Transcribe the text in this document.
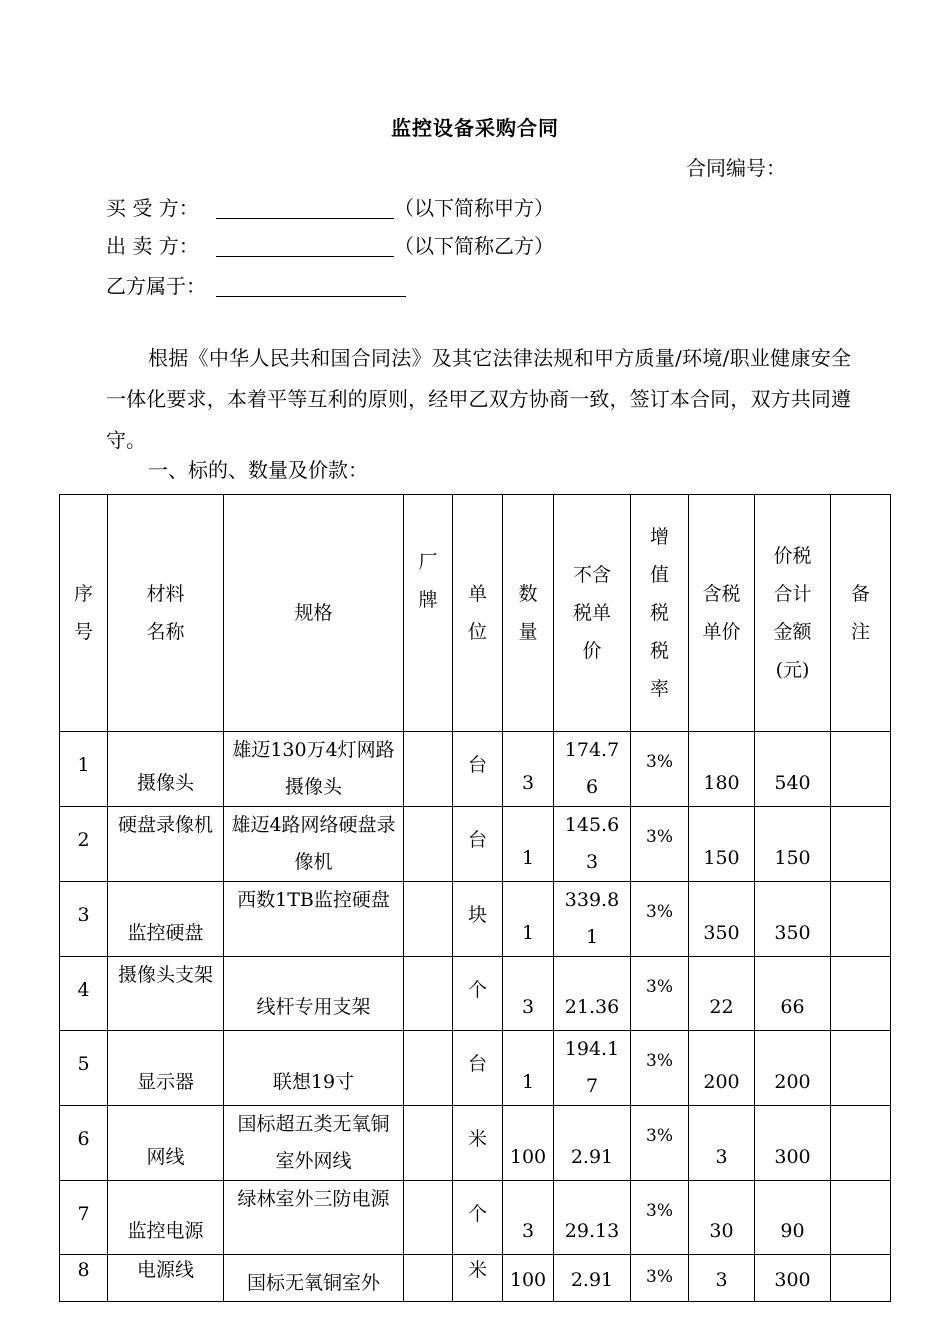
监控设备采购合同
合同编号：
买 受 方：	（以下简称甲方）
出 卖 方：	（以下简称乙方）
乙方属于：
根据《中华人民共和国合同法》及其它法律法规和甲方质量/环境/职业健康安全一体化要求，本着平等互利的原则，经甲乙双方协商一致，签订本合同，双方共同遵守。
一、标的、数量及价款：
序号	材料名称	规格	厂牌	单位	数量	不含税单价	增值税税率	含税单价	价税合计金额(元)	备注

1	摄像头	雄迈130万4灯网路摄像头		台	3	174.76	3%	180	540	

2	硬盘录像机	雄迈4路网络硬盘录像机		台	1	145.63	3%	150	150	

3	监控硬盘	西数1TB监控硬盘		块	1	339.81	3%	350	350	

4	摄像头支架	线杆专用支架		个	3	21.36	3%	22	66	

5	显示器	联想19寸		台	1	194.17	3%	200	200	

6	网线	国标超五类无氧铜室外网线		米	100	2.91	3%	3	300	

7	监控电源	绿林室外三防电源		个	3	29.13	3%	30	90	

8	电源线	国标无氧铜室外		米	100	2.91	3%	3	300	
